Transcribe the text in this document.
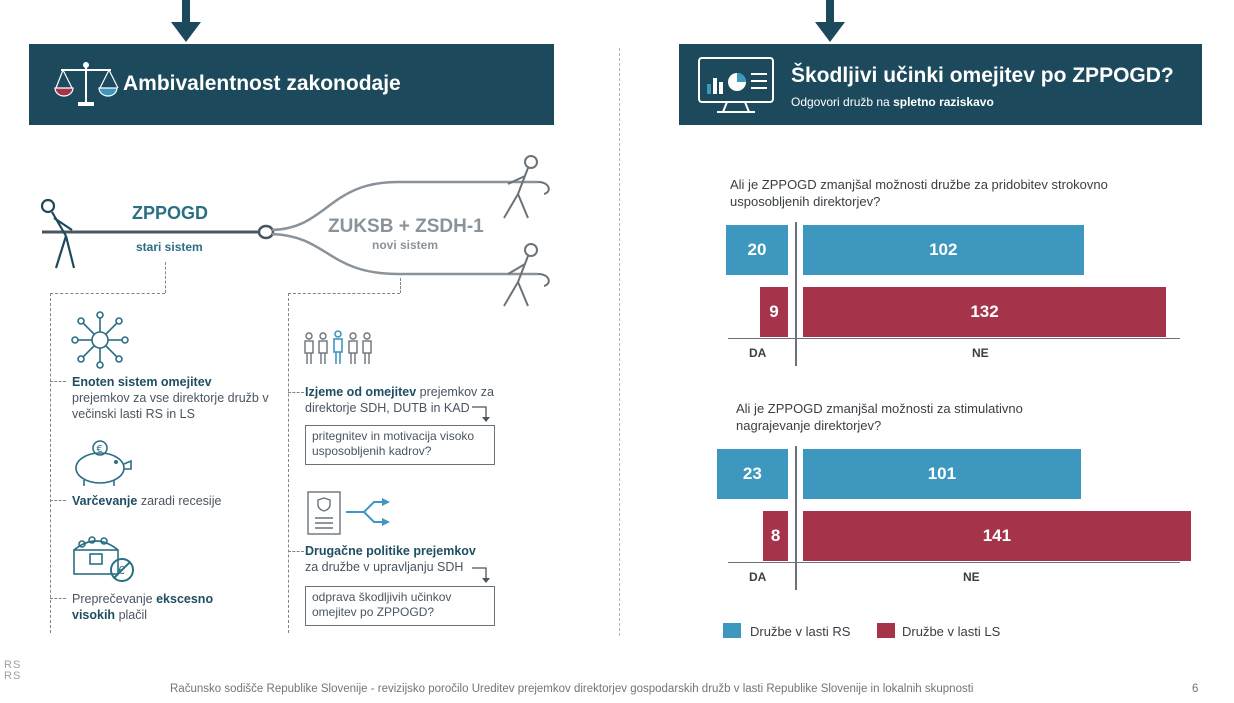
Ambivalentnost zakonodaje	Škodljivi učinki omejitev po ZPPOGD?
Odgovori družb na spletno raziskavo
ZPPOGD
stari sistem
ZUKSB + ZSDH-1
novi sistem
Enoten sistem omejitev
prejemkov za vse direktorje družb v večinski lasti RS in LS
€
Varčevanje zaradi recesije
€
Preprečevanje ekscesno visokih plačil
Izjeme od omejitev prejemkov za direktorje SDH, DUTB in KAD
pritegnitev in motivacija visoko usposobljenih kadrov?
Drugačne politike prejemkov
za družbe v upravljanju SDH
odprava škodljivih učinkov omejitev po ZPPOGD?
Ali je ZPPOGD zmanjšal možnosti družbe za pridobitev strokovno usposobljenih direktorjev?
20	102
9	132
DA	NE
Ali je ZPPOGD zmanjšal možnosti za stimulativno nagrajevanje direktorjev?
23	101
8	141
DA	NE
Družbe v lasti RS	Družbe v lasti LS
RS
RS
Računsko sodišče Republike Slovenije - revizijsko poročilo Ureditev prejemkov direktorjev gospodarskih družb v lasti Republike Slovenije in lokalnih skupnosti	6
